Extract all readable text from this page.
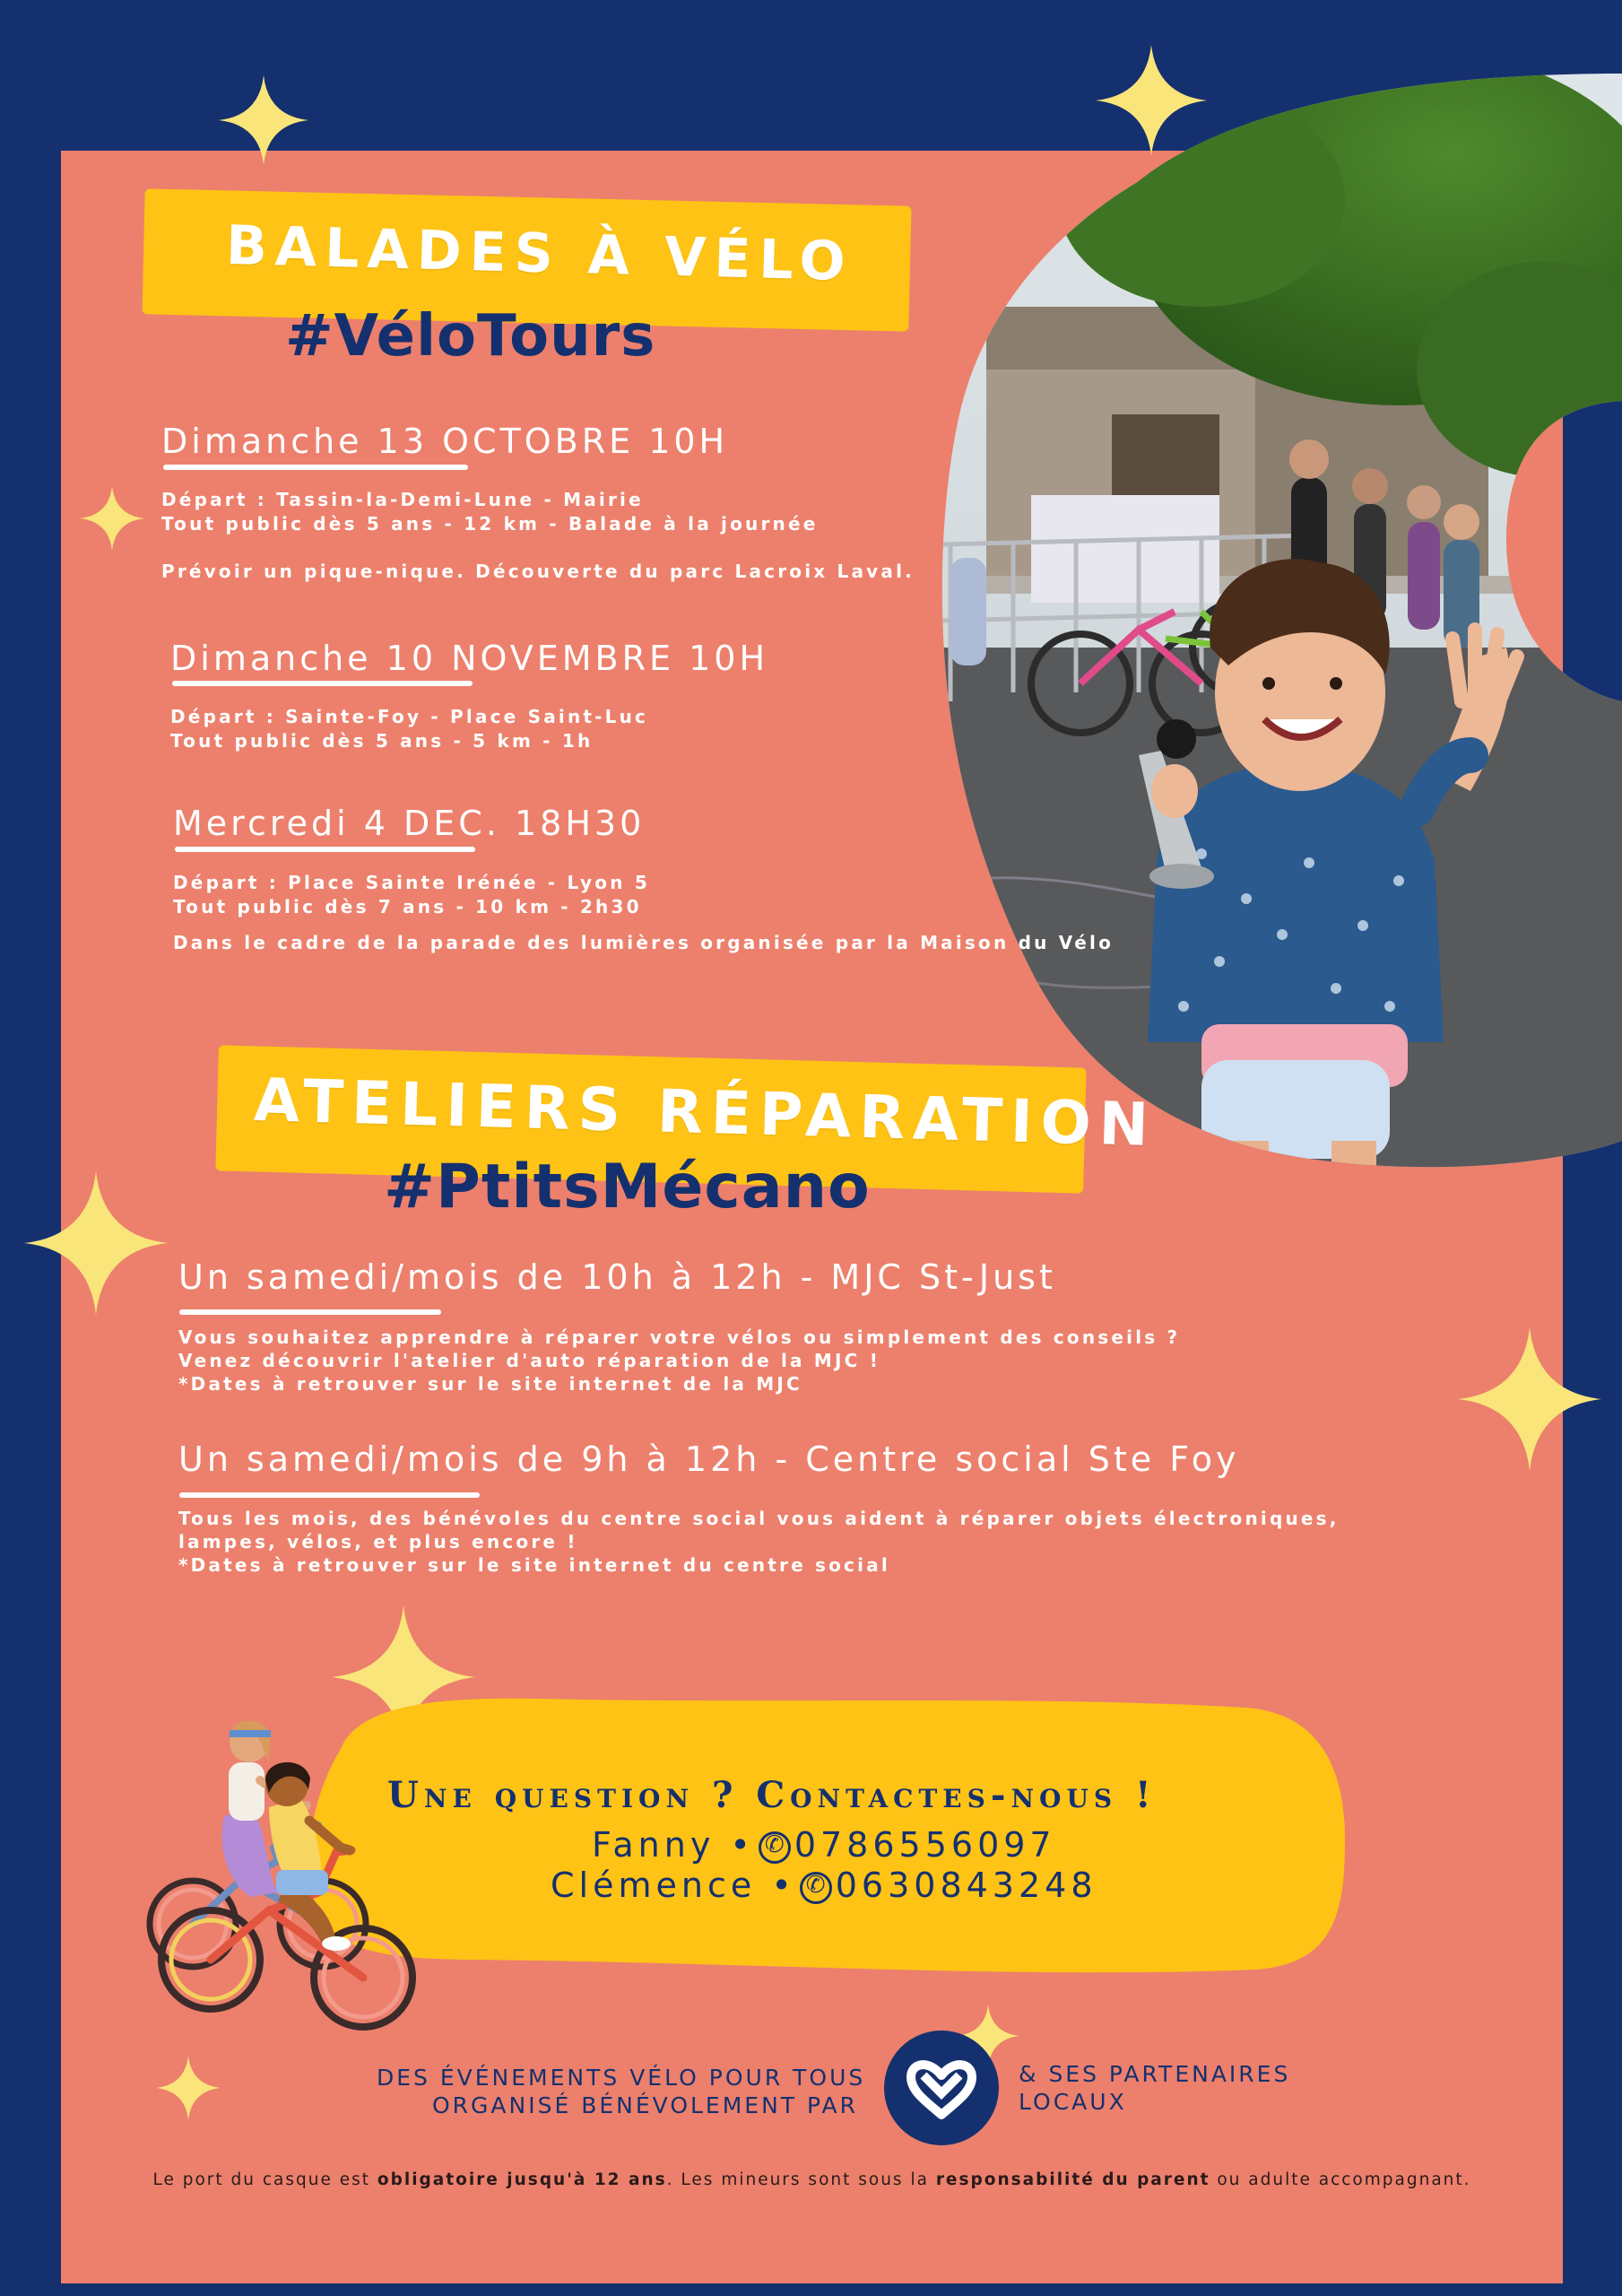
BALADES À VÉLO
#VéloTours
Dimanche 13 OCTOBRE 10H
Départ : Tassin-la-Demi-Lune - Mairie
Tout public dès 5 ans - 12 km - Balade à la journée
Prévoir un pique-nique. Découverte du parc Lacroix Laval.
Dimanche 10 NOVEMBRE 10H
Départ : Sainte-Foy - Place Saint-Luc
Tout public dès 5 ans - 5 km - 1h
Mercredi 4 DEC. 18H30
Départ : Place Sainte Irénée - Lyon 5
Tout public dès 7 ans - 10 km - 2h30
Dans le cadre de la parade des lumières organisée par la Maison du Vélo
ATELIERS RÉPARATION
#PtitsMécano
Un samedi/mois de 10h à 12h - MJC St-Just
Vous souhaitez apprendre à réparer votre vélos ou simplement des conseils ?
Venez découvrir l'atelier d'auto réparation de la MJC !
*Dates à retrouver sur le site internet de la MJC
Un samedi/mois de 9h à 12h - Centre social Ste Foy
Tous les mois, des bénévoles du centre social vous aident à réparer objets électroniques,
lampes, vélos, et plus encore !
*Dates à retrouver sur le site internet du centre social
Une question ? Contactes-nous !
Fanny • ✆ 0786556097
Clémence • ✆ 0630843248
DES ÉVÉNEMENTS VÉLO POUR TOUS
ORGANISÉ BÉNÉVOLEMENT PAR
& SES PARTENAIRES
LOCAUX
Le port du casque est obligatoire jusqu'à 12 ans. Les mineurs sont sous la responsabilité du parent ou adulte accompagnant.
